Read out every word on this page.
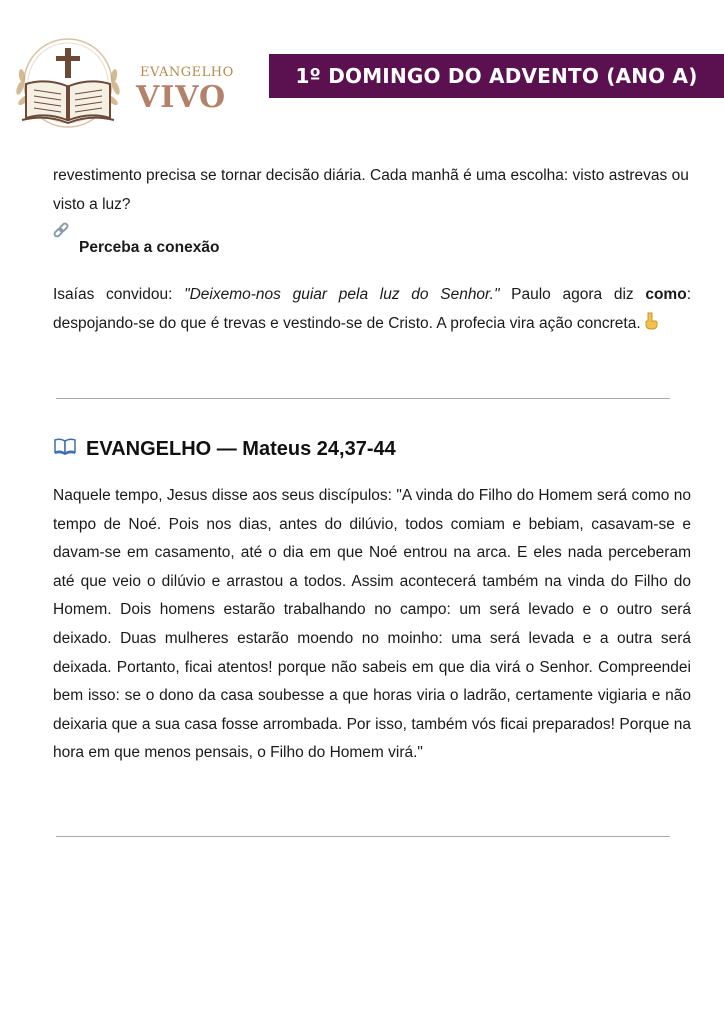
EVANGELHO
VIVO
1º DOMINGO DO ADVENTO (ANO A)

revestimento precisa se tornar decisão diária. Cada manhã é uma escolha: visto astrevas ou visto a luz?

Perceba a conexão

Isaías convidou: "Deixemo-nos guiar pela luz do Senhor." Paulo agora diz como: despojando-se do que é trevas e vestindo-se de Cristo. A profecia vira ação concreta.

EVANGELHO — Mateus 24,37-44

Naquele tempo, Jesus disse aos seus discípulos: "A vinda do Filho do Homem será como no tempo de Noé. Pois nos dias, antes do dilúvio, todos comiam e bebiam, casavam-se e davam-se em casamento, até o dia em que Noé entrou na arca. E eles nada perceberam até que veio o dilúvio e arrastou a todos. Assim acontecerá também na vinda do Filho do Homem. Dois homens estarão trabalhando no campo: um será levado e o outro será deixado. Duas mulheres estarão moendo no moinho: uma será levada e a outra será deixada. Portanto, ficai atentos! porque não sabeis em que dia virá o Senhor. Compreendei bem isso: se o dono da casa soubesse a que horas viria o ladrão, certamente vigiaria e não deixaria que a sua casa fosse arrombada. Por isso, também vós ficai preparados! Porque na hora em que menos pensais, o Filho do Homem virá."
